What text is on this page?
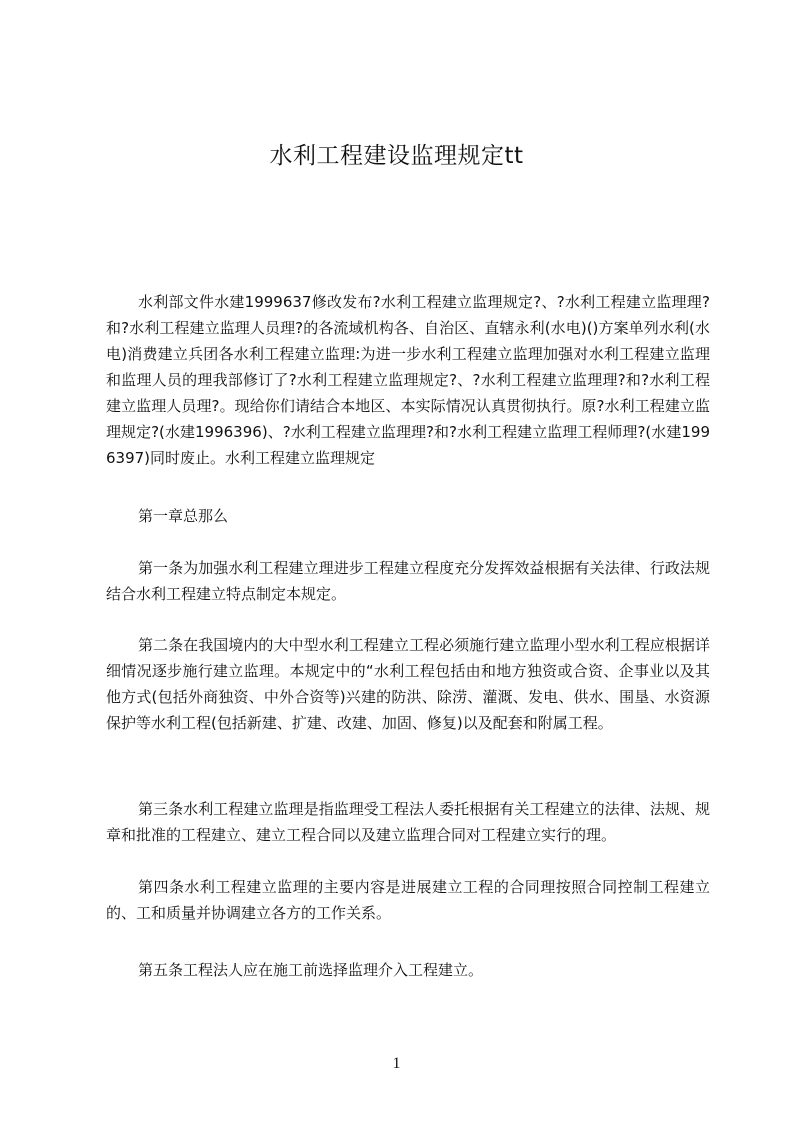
水利工程建设监理规定tt

水利部文件水建1999637修改发布?水利工程建立监理规定?、?水利工程建立监理理?和?水利工程建立监理人员理?的各流域机构各、自治区、直辖永利(水电)()方案单列水利(水电)消费建立兵团各水利工程建立监理:为进一步水利工程建立监理加强对水利工程建立监理和监理人员的理我部修订了?水利工程建立监理规定?、?水利工程建立监理理?和?水利工程建立监理人员理?。现给你们请结合本地区、本实际情况认真贯彻执行。原?水利工程建立监理规定?(水建1996396)、?水利工程建立监理理?和?水利工程建立监理工程师理?(水建1996397)同时废止。水利工程建立监理规定

第一章总那么

第一条为加强水利工程建立理进步工程建立程度充分发挥效益根据有关法律、行政法规结合水利工程建立特点制定本规定。

第二条在我国境内的大中型水利工程建立工程必须施行建立监理小型水利工程应根据详细情况逐步施行建立监理。本规定中的“水利工程包括由和地方独资或合资、企事业以及其他方式(包括外商独资、中外合资等)兴建的防洪、除涝、灌溉、发电、供水、围垦、水资源保护等水利工程(包括新建、扩建、改建、加固、修复)以及配套和附属工程。

第三条水利工程建立监理是指监理受工程法人委托根据有关工程建立的法律、法规、规章和批准的工程建立、建立工程合同以及建立监理合同对工程建立实行的理。

第四条水利工程建立监理的主要内容是进展建立工程的合同理按照合同控制工程建立的、工和质量并协调建立各方的工作关系。

第五条工程法人应在施工前选择监理介入工程建立。

1
